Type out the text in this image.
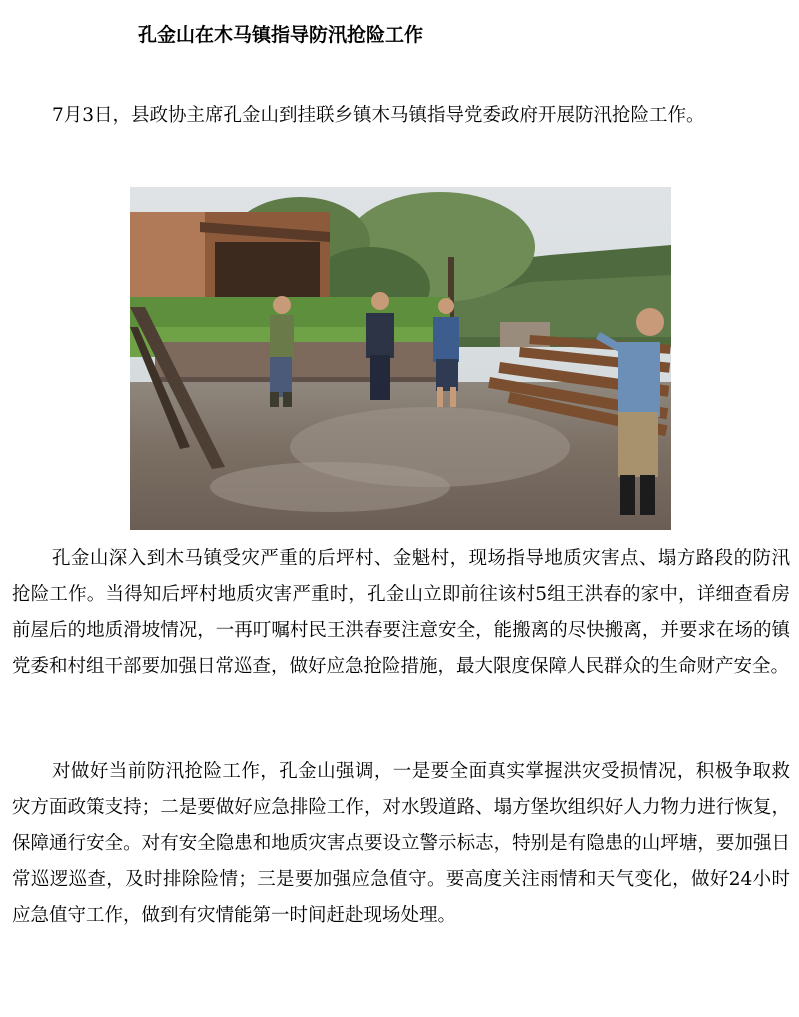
孔金山在木马镇指导防汛抢险工作

7月3日，县政协主席孔金山到挂联乡镇木马镇指导党委政府开展防汛抢险工作。

孔金山深入到木马镇受灾严重的后坪村、金魁村，现场指导地质灾害点、塌方路段的防汛抢险工作。当得知后坪村地质灾害严重时，孔金山立即前往该村5组王洪春的家中，详细查看房前屋后的地质滑坡情况，一再叮嘱村民王洪春要注意安全，能搬离的尽快搬离，并要求在场的镇党委和村组干部要加强日常巡查，做好应急抢险措施，最大限度保障人民群众的生命财产安全。

对做好当前防汛抢险工作，孔金山强调，一是要全面真实掌握洪灾受损情况，积极争取救灾方面政策支持；二是要做好应急排险工作，对水毁道路、塌方堡坎组织好人力物力进行恢复，保障通行安全。对有安全隐患和地质灾害点要设立警示标志，特别是有隐患的山坪塘，要加强日常巡逻巡查，及时排除险情；三是要加强应急值守。要高度关注雨情和天气变化，做好24小时应急值守工作，做到有灾情能第一时间赶赴现场处理。
